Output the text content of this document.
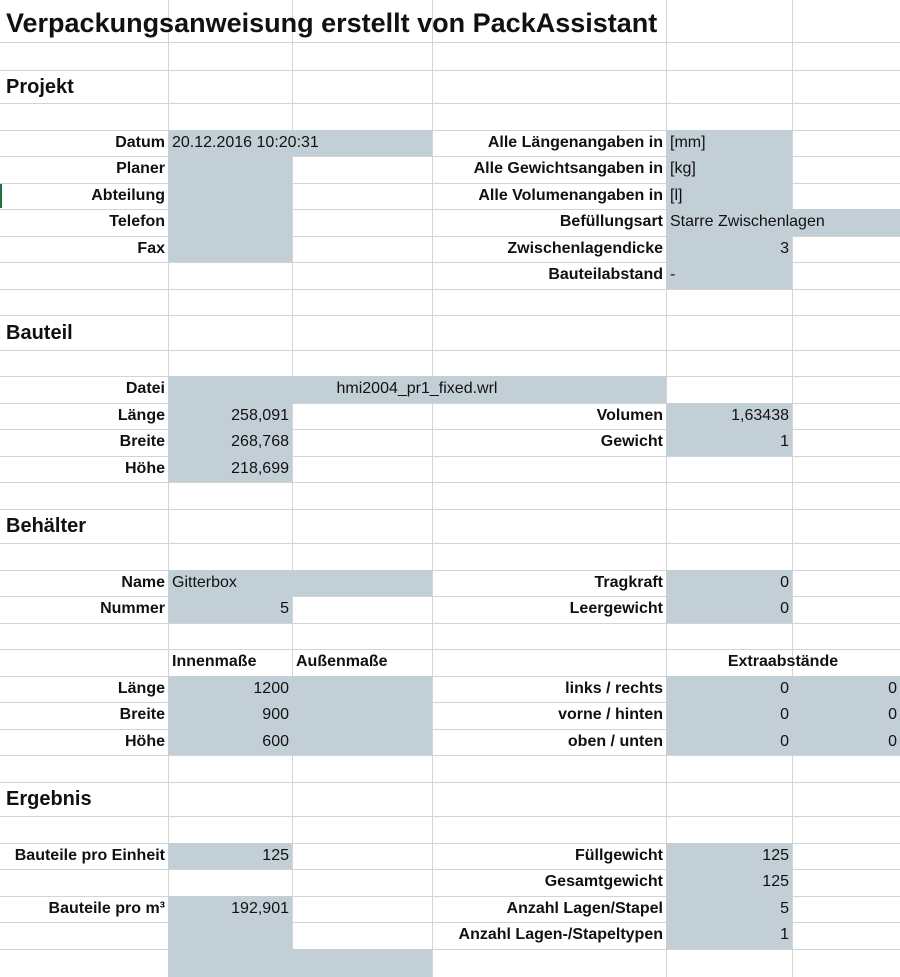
Verpackungsanweisung erstellt von PackAssistant
Projekt
Datum 20.12.2016 10:20:31
Planer
Abteilung
Telefon
Fax
Alle Längenangaben in [mm]
Alle Gewichtsangaben in [kg]
Alle Volumenangaben in [l]
Befüllungsart Starre Zwischenlagen
Zwischenlagendicke	3
Bauteilabstand -
Bauteil
Datei	hmi2004_pr1_fixed.wrl
Länge	258,091
Breite	268,768
Höhe	218,699
Volumen	1,63438
Gewicht	1
Behälter
Name Gitterbox
Nummer	5
Tragkraft	0
Leergewicht	0
Innenmaße	Außenmaße	Extraabstände
Länge	1200
Breite	900
Höhe	600
links / rechts	0	0
vorne / hinten	0	0
oben / unten	0	0
Ergebnis
Bauteile pro Einheit	125
Bauteile pro m³	192,901
Füllgewicht	125
Gesamtgewicht	125
Anzahl Lagen/Stapel	5
Anzahl Lagen-/Stapeltypen	1
